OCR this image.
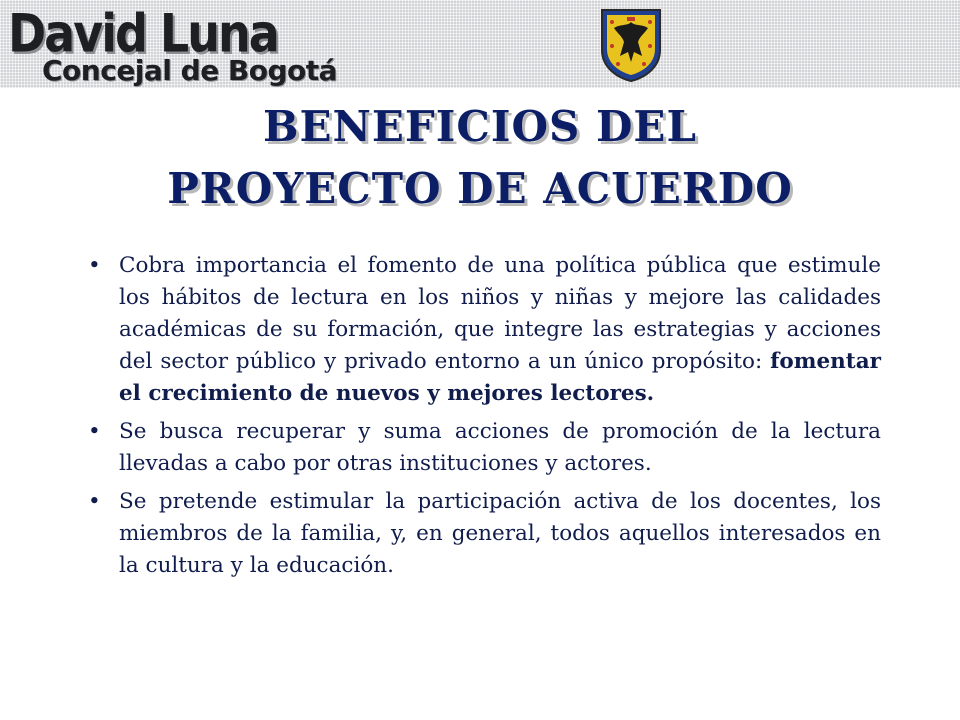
David Luna
Concejal de Bogotá
BENEFICIOS DEL
PROYECTO DE ACUERDO
• Cobra importancia el fomento de una política pública que estimule los hábitos de lectura en los niños y niñas y mejore las calidades académicas de su formación, que integre las estrategias y acciones del sector público y privado entorno a un único propósito: fomentar el crecimiento de nuevos y mejores lectores.
• Se busca recuperar y suma acciones de promoción de la lectura llevadas a cabo por otras instituciones y actores.
• Se pretende estimular la participación activa de los docentes, los miembros de la familia, y, en general, todos aquellos interesados en la cultura y la educación.
